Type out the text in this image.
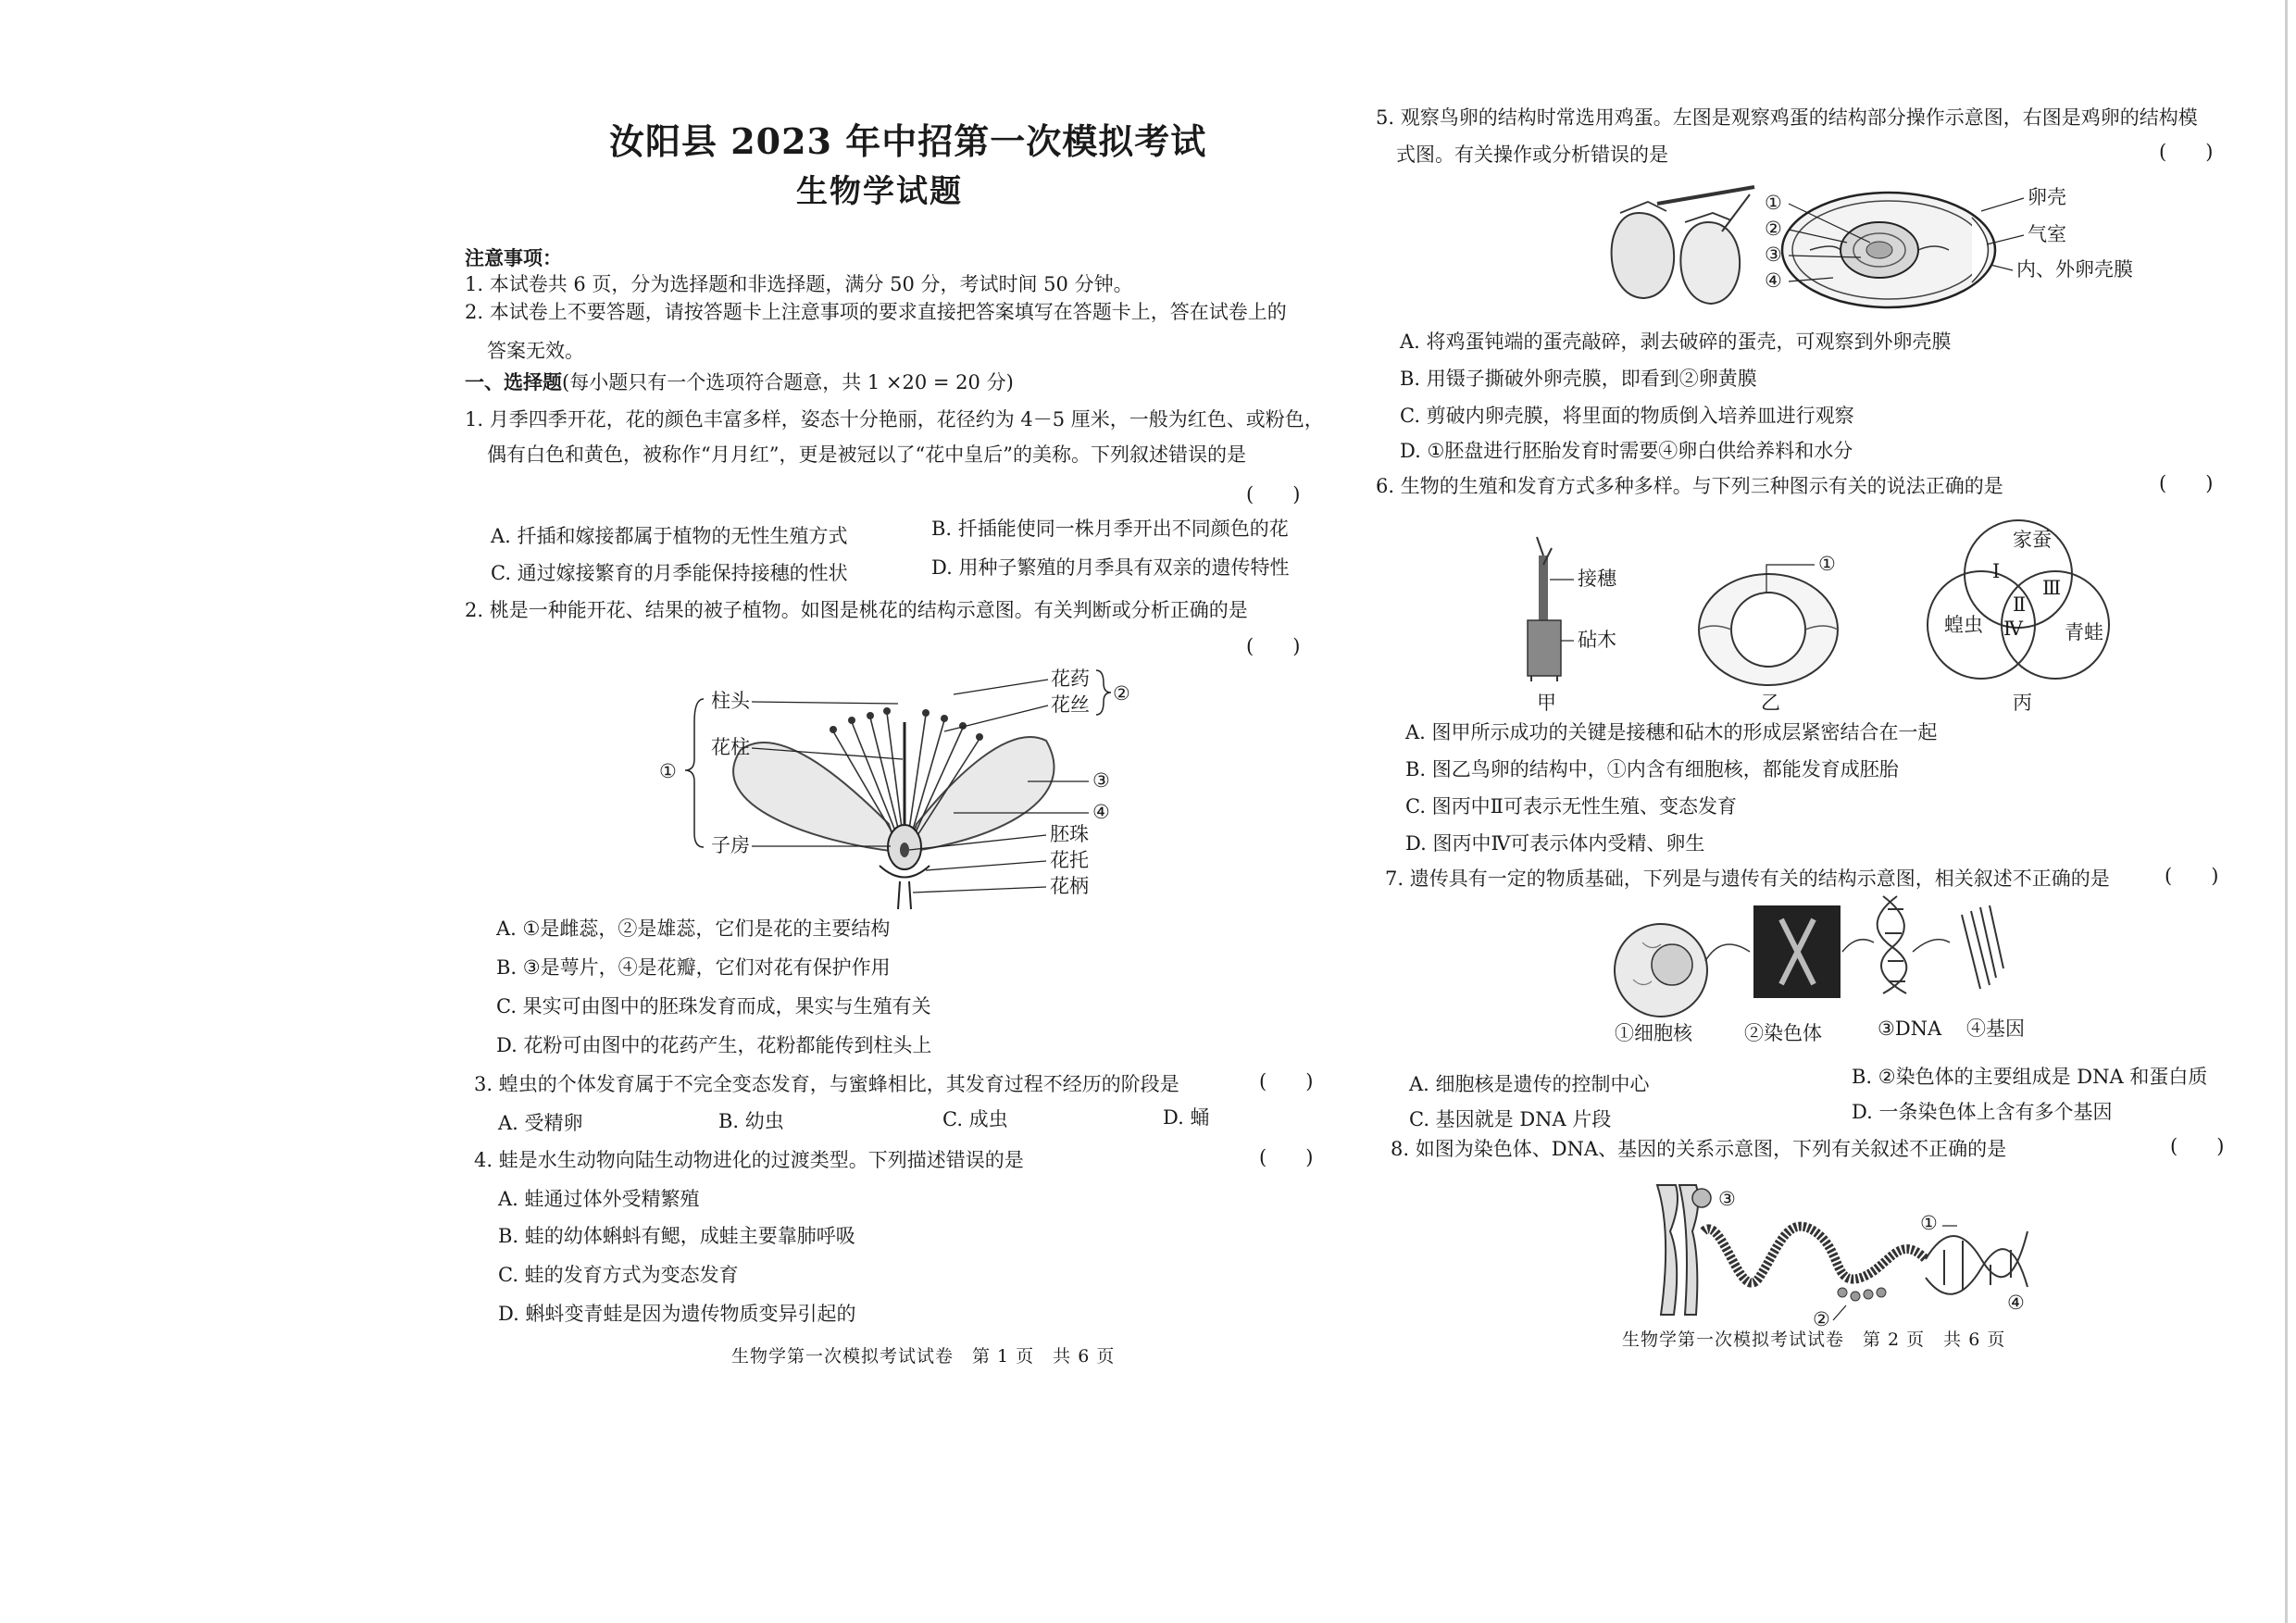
汝阳县 2023 年中招第一次模拟考试
生物学试题
注意事项：
1. 本试卷共 6 页，分为选择题和非选择题，满分 50 分，考试时间 50 分钟。
2. 本试卷上不要答题，请按答题卡上注意事项的要求直接把答案填写在答题卡上，答在试卷上的
答案无效。
一、选择题(每小题只有一个选项符合题意，共 1 ×20 = 20 分)
1. 月季四季开花，花的颜色丰富多样，姿态十分艳丽，花径约为 4－5 厘米，一般为红色、或粉色，
偶有白色和黄色，被称作“月月红”，更是被冠以了“花中皇后”的美称。下列叙述错误的是
(　　)
A. 扦插和嫁接都属于植物的无性生殖方式	B. 扦插能使同一株月季开出不同颜色的花
C. 通过嫁接繁育的月季能保持接穗的性状	D. 用种子繁殖的月季具有双亲的遗传特性
2. 桃是一种能开花、结果的被子植物。如图是桃花的结构示意图。有关判断或分析正确的是
(　　)
柱头
花柱
子房
①
花药
花丝 ②
③
④
胚珠
花托
花柄
A. ①是雌蕊，②是雄蕊，它们是花的主要结构
B. ③是萼片，④是花瓣，它们对花有保护作用
C. 果实可由图中的胚珠发育而成，果实与生殖有关
D. 花粉可由图中的花药产生，花粉都能传到柱头上
3. 蝗虫的个体发育属于不完全变态发育，与蜜蜂相比，其发育过程不经历的阶段是	(　　)
A. 受精卵	B. 幼虫	C. 成虫	D. 蛹
4. 蛙是水生动物向陆生动物进化的过渡类型。下列描述错误的是	(　　)
A. 蛙通过体外受精繁殖
B. 蛙的幼体蝌蚪有鳃，成蛙主要靠肺呼吸
C. 蛙的发育方式为变态发育
D. 蝌蚪变青蛙是因为遗传物质变异引起的
生物学第一次模拟考试试卷　第 1 页　共 6 页
5. 观察鸟卵的结构时常选用鸡蛋。左图是观察鸡蛋的结构部分操作示意图，右图是鸡卵的结构模
式图。有关操作或分析错误的是	(　　)
①
②
③
④
卵壳
气室
内、外卵壳膜
A. 将鸡蛋钝端的蛋壳敲碎，剥去破碎的蛋壳，可观察到外卵壳膜
B. 用镊子撕破外卵壳膜，即看到②卵黄膜
C. 剪破内卵壳膜，将里面的物质倒入培养皿进行观察
D. ①胚盘进行胚胎发育时需要④卵白供给养料和水分
6. 生物的生殖和发育方式多种多样。与下列三种图示有关的说法正确的是	(　　)
接穗
砧木
甲
①
乙
家蚕
蝗虫	青蛙
Ⅰ
Ⅱ
Ⅲ
Ⅳ
丙
A. 图甲所示成功的关键是接穗和砧木的形成层紧密结合在一起
B. 图乙鸟卵的结构中，①内含有细胞核，都能发育成胚胎
C. 图丙中Ⅱ可表示无性生殖、变态发育
D. 图丙中Ⅳ可表示体内受精、卵生
7. 遗传具有一定的物质基础，下列是与遗传有关的结构示意图，相关叙述不正确的是	(　　)
①细胞核	②染色体	③DNA ④基因
A. 细胞核是遗传的控制中心	B. ②染色体的主要组成是 DNA 和蛋白质
C. 基因就是 DNA 片段	D. 一条染色体上含有多个基因
8. 如图为染色体、DNA、基因的关系示意图，下列有关叙述不正确的是	(　　)
③
②
①
④
生物学第一次模拟考试试卷　第 2 页　共 6 页
